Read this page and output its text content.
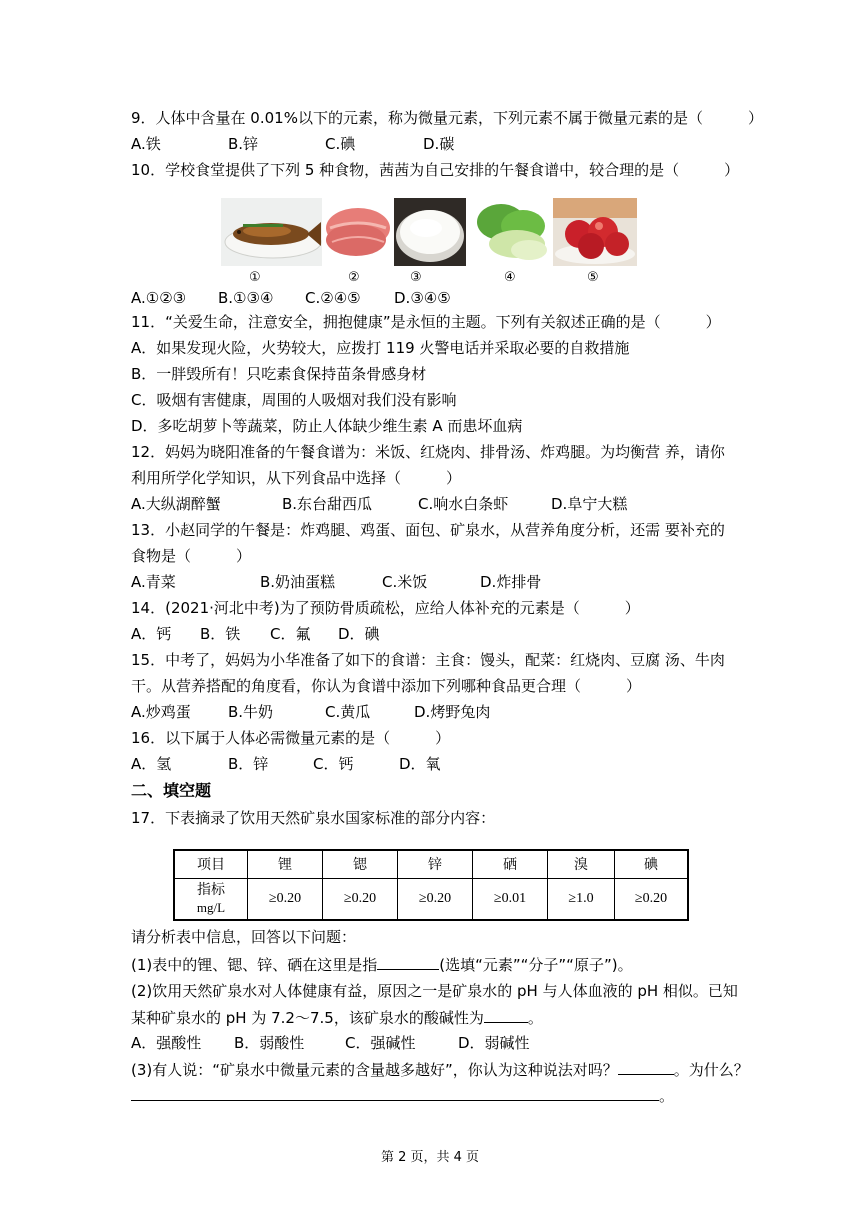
9．人体中含量在 0.01%以下的元素，称为微量元素，下列元素不属于微量元素的是（　　　）
A.铁	B.锌	C.碘	D.碳
10．学校食堂提供了下列 5 种食物，茜茜为自己安排的午餐食谱中，较合理的是（　　　）
①	②	③	④	⑤
A.①②③	B.①③④	C.②④⑤	D.③④⑤
11．“关爱生命，注意安全，拥抱健康”是永恒的主题。下列有关叙述正确的是（　　　）
A．如果发现火险，火势较大，应拨打 119 火警电话并采取必要的自救措施
B．一胖毁所有！只吃素食保持苗条骨感身材
C．吸烟有害健康，周围的人吸烟对我们没有影响
D．多吃胡萝卜等蔬菜，防止人体缺少维生素 A 而患坏血病
12．妈妈为晓阳准备的午餐食谱为：米饭、红烧肉、排骨汤、炸鸡腿。为均衡营 养，请你
利用所学化学知识，从下列食品中选择（　　　）
A.大纵湖醉蟹	B.东台甜西瓜	C.响水白条虾	D.阜宁大糕
13．小赵同学的午餐是：炸鸡腿、鸡蛋、面包、矿泉水，从营养角度分析，还需 要补充的
食物是（　　　）
A.青菜	B.奶油蛋糕	C.米饭	D.炸排骨
14．(2021·河北中考)为了预防骨质疏松，应给人体补充的元素是（　　　）
A．钙	B．铁	C．氟	D．碘
15．中考了，妈妈为小华准备了如下的食谱：主食：馒头，配菜：红烧肉、豆腐 汤、牛肉
干。从营养搭配的角度看，你认为食谱中添加下列哪种食品更合理（　　　）
A.炒鸡蛋	B.牛奶	C.黄瓜	D.烤野兔肉
16．以下属于人体必需微量元素的是（　　　）
A．氢	B．锌	C．钙	D．氧
二、填空题
17．下表摘录了饮用天然矿泉水国家标准的部分内容：
项目	锂	锶	锌	硒	溴	碘

指标
mg/L	≥0.20	≥0.20	≥0.20	≥0.01	≥1.0	≥0.20
请分析表中信息，回答以下问题：
(1)表中的锂、锶、锌、硒在这里是指	(选填“元素”“分子”“原子”)。
(2)饮用天然矿泉水对人体健康有益，原因之一是矿泉水的 pH 与人体血液的 pH 相似。已知
某种矿泉水的 pH 为 7.2～7.5，该矿泉水的酸碱性为	。
A．强酸性	B．弱酸性	C．强碱性	D．弱碱性
(3)有人说：“矿泉水中微量元素的含量越多越好”，你认为这种说法对吗？	。为什么？
。
第 2 页，共 4 页
